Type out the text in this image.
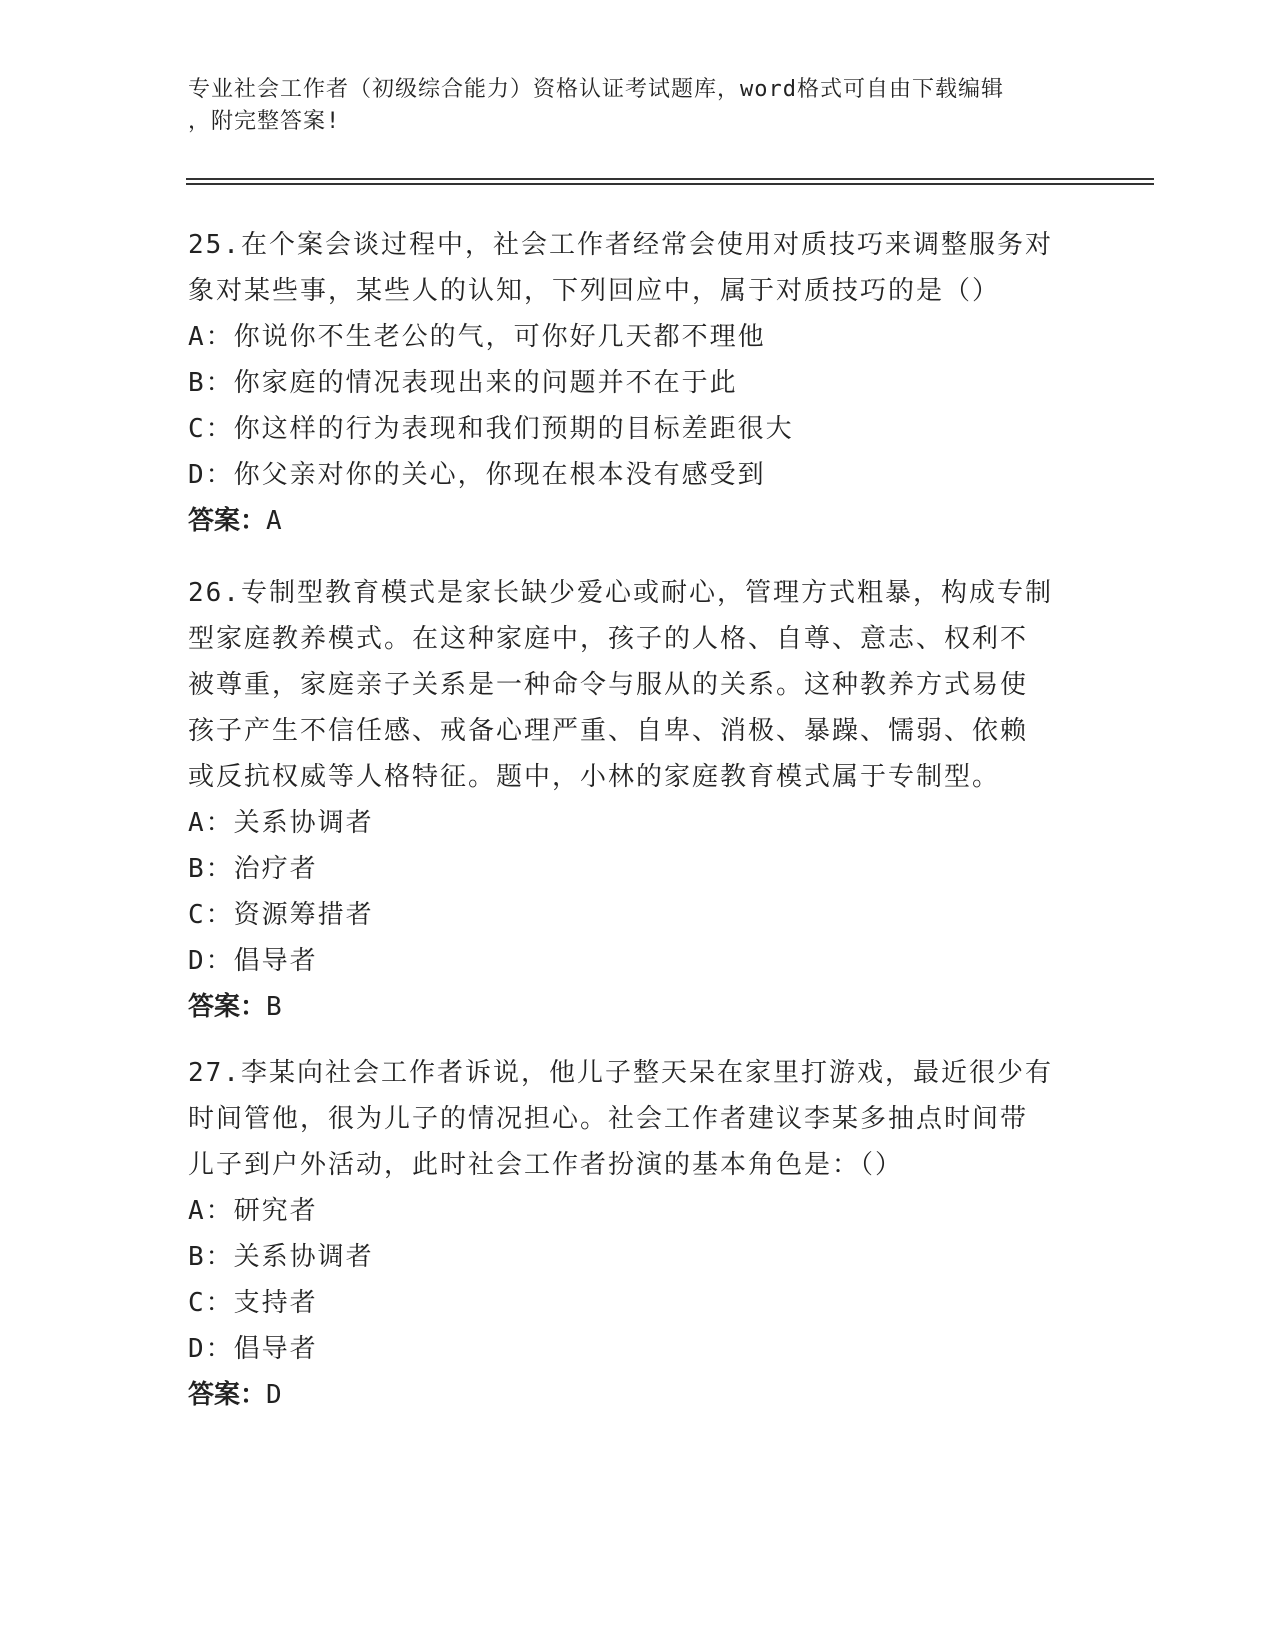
专业社会工作者（初级综合能力）资格认证考试题库，word格式可自由下载编辑
，附完整答案!
25.在个案会谈过程中，社会工作者经常会使用对质技巧来调整服务对
象对某些事，某些人的认知，下列回应中，属于对质技巧的是（）
A：你说你不生老公的气，可你好几天都不理他
B：你家庭的情况表现出来的问题并不在于此
C：你这样的行为表现和我们预期的目标差距很大
D：你父亲对你的关心，你现在根本没有感受到
答案：A
26.专制型教育模式是家长缺少爱心或耐心，管理方式粗暴，构成专制
型家庭教养模式。在这种家庭中，孩子的人格、自尊、意志、权利不
被尊重，家庭亲子关系是一种命令与服从的关系。这种教养方式易使
孩子产生不信任感、戒备心理严重、自卑、消极、暴躁、懦弱、依赖
或反抗权威等人格特征。题中，小林的家庭教育模式属于专制型。
A：关系协调者
B：治疗者
C：资源筹措者
D：倡导者
答案：B
27.李某向社会工作者诉说，他儿子整天呆在家里打游戏，最近很少有
时间管他，很为儿子的情况担心。社会工作者建议李某多抽点时间带
儿子到户外活动，此时社会工作者扮演的基本角色是：（）
A：研究者
B：关系协调者
C：支持者
D：倡导者
答案：D
